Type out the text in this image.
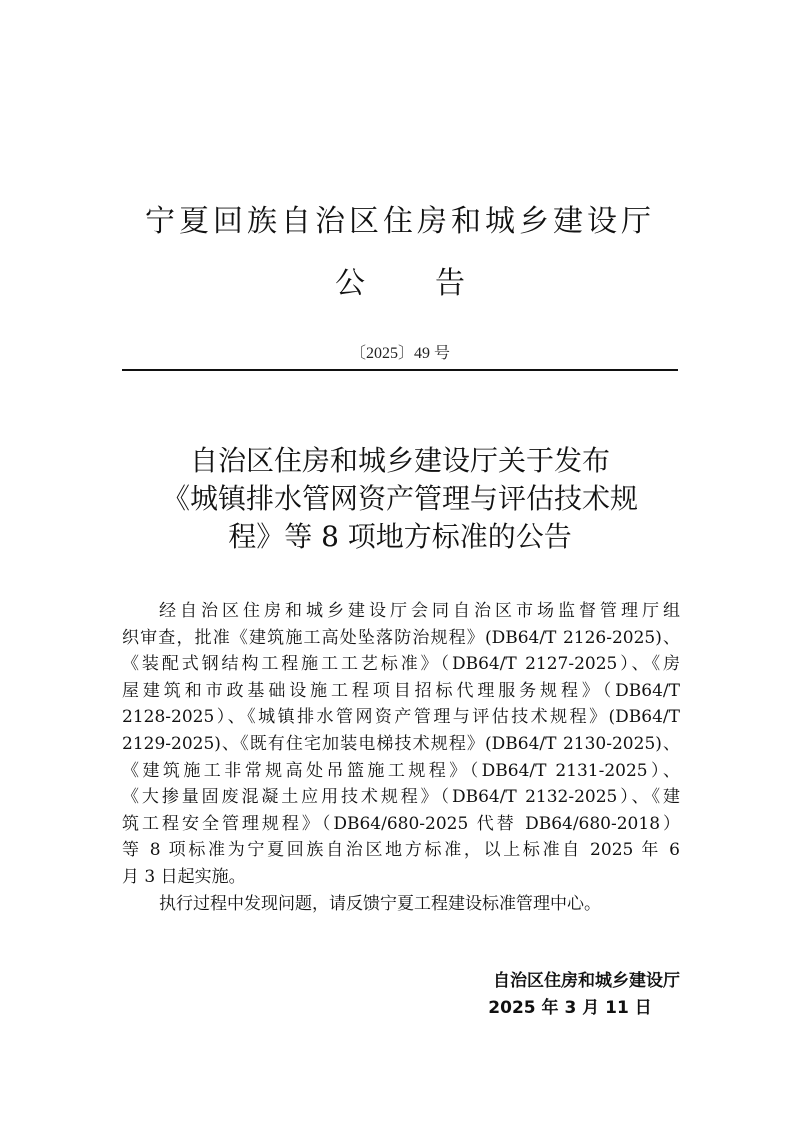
宁夏回族自治区住房和城乡建设厅
公 告
〔2025〕49 号
自治区住房和城乡建设厅关于发布
《城镇排水管网资产管理与评估技术规
程》等 8 项地方标准的公告
经自治区住房和城乡建设厅会同自治区市场监督管理厅组
织审查，批准《建筑施工高处坠落防治规程》(DB64/T 2126-2025)、
《装配式钢结构工程施工工艺标准》（DB64/T 2127-2025）、《房
屋建筑和市政基础设施工程项目招标代理服务规程》（DB64/T
2128-2025）、《城镇排水管网资产管理与评估技术规程》(DB64/T
2129-2025)、《既有住宅加装电梯技术规程》(DB64/T 2130-2025)、
《建筑施工非常规高处吊篮施工规程》（DB64/T 2131-2025）、
《大掺量固废混凝土应用技术规程》（DB64/T 2132-2025）、《建
筑工程安全管理规程》（DB64/680-2025 代替 DB64/680-2018）
等 8 项标准为宁夏回族自治区地方标准，以上标准自 2025 年 6
月 3 日起实施。
执行过程中发现问题，请反馈宁夏工程建设标准管理中心。
自治区住房和城乡建设厅
2025 年 3 月 11 日
